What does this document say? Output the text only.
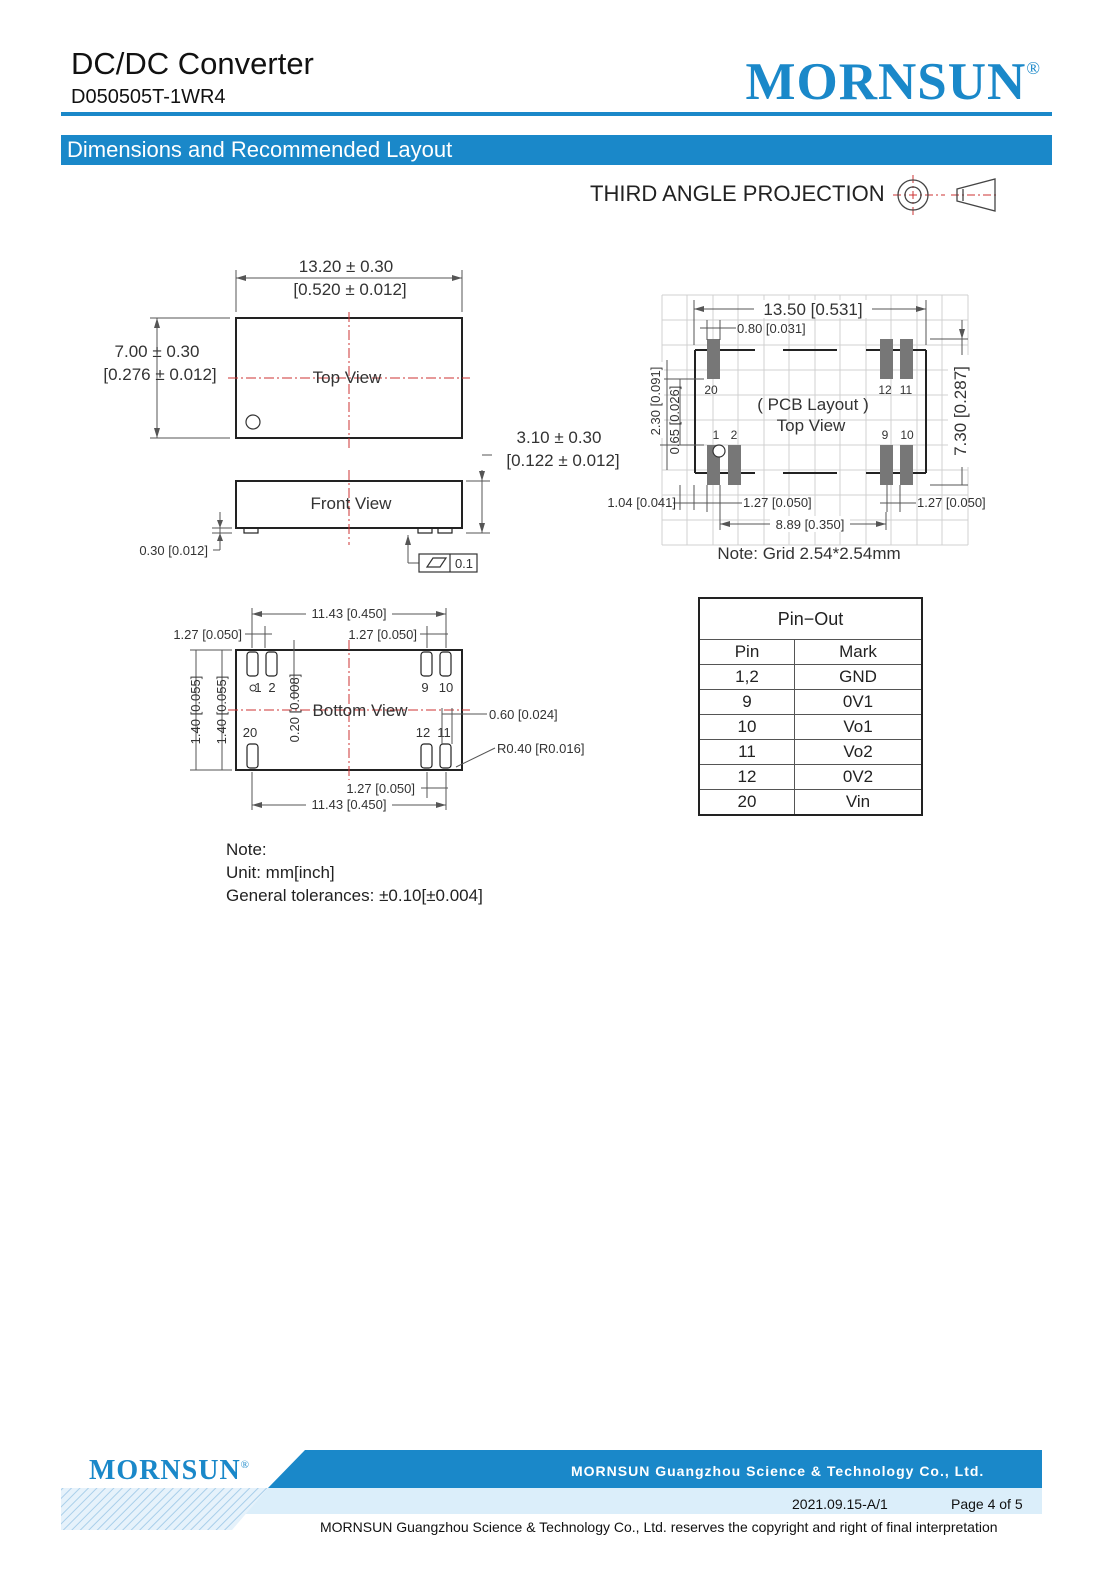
DC/DC Converter
D050505T-1WR4	MORNSUN®
Dimensions and Recommended Layout
THIRD ANGLE PROJECTION
13.20 ± 0.30
[0.520 ± 0.012]
Top View
7.00 ± 0.30
[0.276 ± 0.012]
Front View
3.10 ± 0.30
[0.122 ± 0.012]
0.30 [0.012]
0.1
1 2	9 10
20	12 11
Bottom View
11.43 [0.450]
1.27 [0.050]	1.27 [0.050]
1.40 [0.055] 1.40 [0.055]	0.20 [0.008]	0.60 [0.024]
R0.40 [R0.016]
1.27 [0.050]
11.43 [0.450]
20
1 2
12 11
9 10
( PCB Layout )
Top View
13.50 [0.531]
0.80 [0.031]
7.30 [0.287]
2.30 [0.091] 0.65 [0.026]
1.04 [0.041]	1.27 [0.050]	1.27 [0.050]
8.89 [0.350]
Note: Grid 2.54*2.54mm
Pin−Out	
Pin	Mark
1,2	GND
9	0V1
10	Vo1
11	Vo2
12	0V2
20	Vin
Note:
Unit: mm[inch]
General tolerances: ±0.10[±0.004]
MORNSUN®	MORNSUN Guangzhou Science & Technology Co., Ltd.
2021.09.15-A/1	Page 4 of 5
MORNSUN Guangzhou Science & Technology Co., Ltd. reserves the copyright and right of final interpretation
